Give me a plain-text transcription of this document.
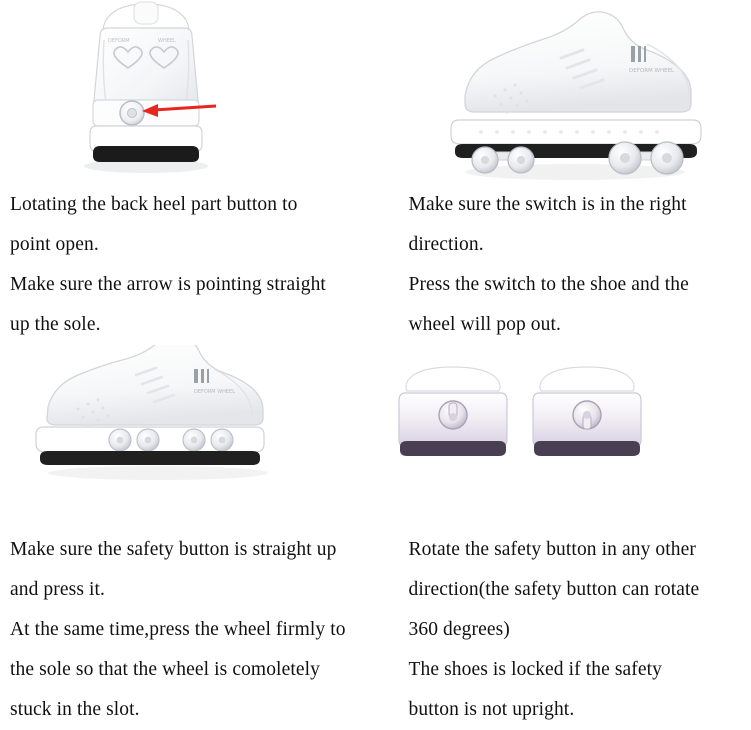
DEFORM	WHEEL
Lotating the back heel part button to
point open.
Make sure the arrow is pointing straight
up the sole.
DEFORM WHEEL
Make sure the switch is in the right
direction.
Press the switch to the shoe and the
wheel will pop out.
DEFORM WHEEL
Make sure the safety button is straight up
and press it.
At the same time,press the wheel firmly to
the sole so that the wheel is comoletely
stuck in the slot.
Rotate the safety button in any other
direction(the safety button can rotate
360 degrees)
The shoes is locked if the safety
button is not upright.
